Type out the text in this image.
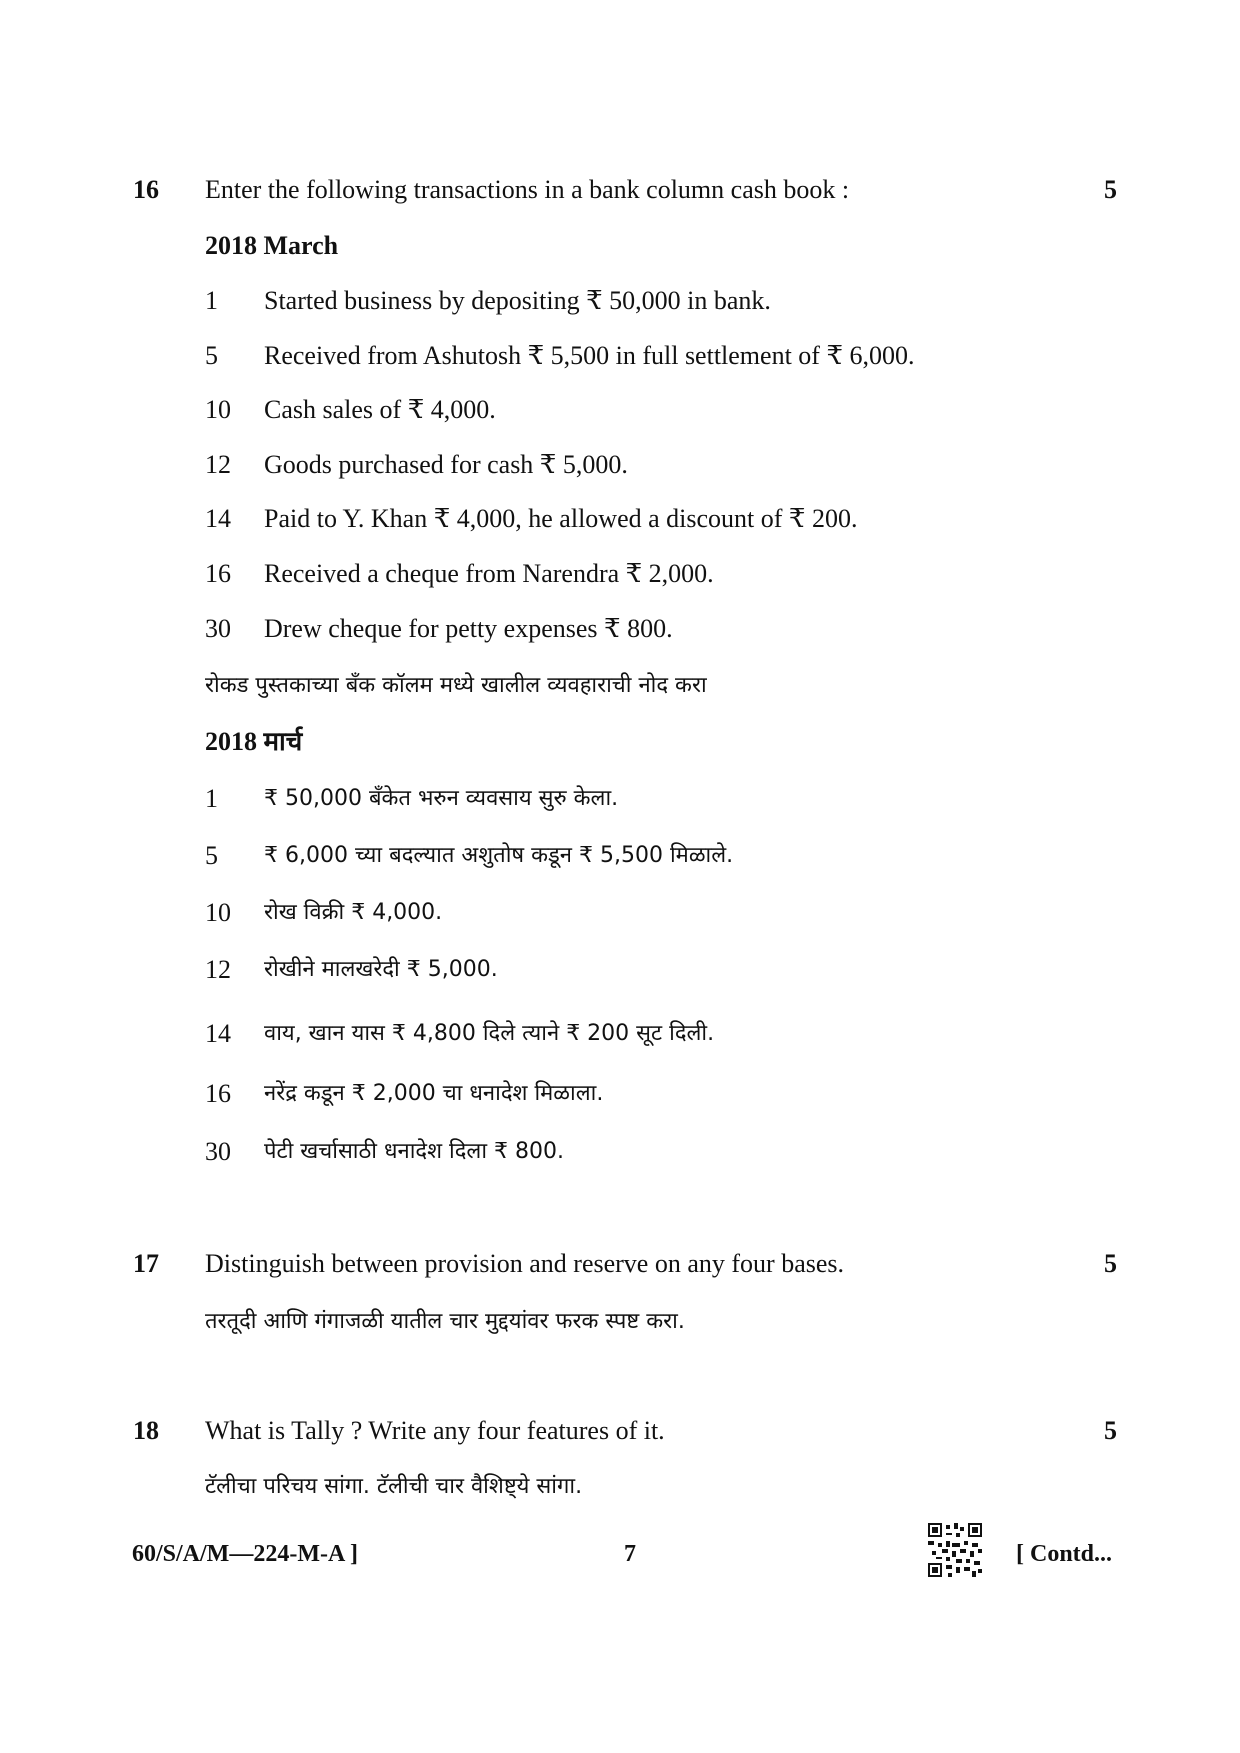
16 Enter the following transactions in a bank column cash book :	5
2018 March
1 Started business by depositing ₹ 50,000 in bank.
5 Received from Ashutosh ₹ 5,500 in full settlement of ₹ 6,000.
10 Cash sales of ₹ 4,000.
12 Goods purchased for cash ₹ 5,000.
14 Paid to Y. Khan ₹ 4,000, he allowed a discount of ₹ 200.
16 Received a cheque from Narendra ₹ 2,000.
30 Drew cheque for petty expenses ₹ 800.
रोकड पुस्तकाच्या बँक कॉलम मध्ये खालील व्यवहाराची नोद करा
2018 मार्च
1 ₹ 50,000 बँकेत भरुन व्यवसाय सुरु केला.
5 ₹ 6,000 च्या बदल्यात अशुतोष कडून ₹ 5,500 मिळाले.
10 रोख विक्री ₹ 4,000.
12 रोखीने मालखरेदी ₹ 5,000.
14 वाय, खान यास ₹ 4,800 दिले त्याने ₹ 200 सूट दिली.
16 नरेंद्र कडून ₹ 2,000 चा धनादेश मिळाला.
30 पेटी खर्चासाठी धनादेश दिला ₹ 800.
17 Distinguish between provision and reserve on any four bases.	5
तरतूदी आणि गंगाजळी यातील चार मुद्दयांवर फरक स्पष्ट करा.
18 What is Tally ? Write any four features of it.	5
टॅलीचा परिचय सांगा. टॅलीची चार वैशिष्ट्ये सांगा.
60/S/A/M—224-M-A ]	7	[ Contd...
